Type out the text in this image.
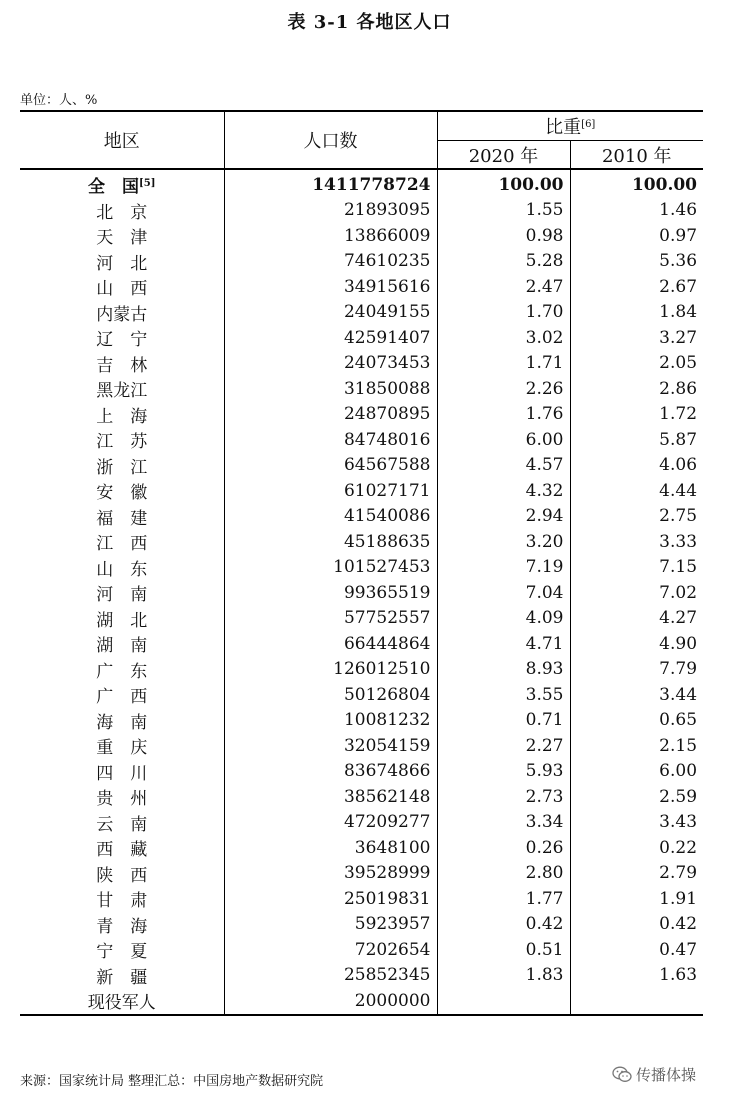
表 3-1 各地区人口
单位：人、%
地区	人口数	比重[6]
		2020 年	2010 年
全　国[5]	1411778724	100.00	100.00
北　京	21893095	1.55	1.46
天　津	13866009	0.98	0.97
河　北	74610235	5.28	5.36
山　西	34915616	2.47	2.67
内蒙古	24049155	1.70	1.84
辽　宁	42591407	3.02	3.27
吉　林	24073453	1.71	2.05
黑龙江	31850088	2.26	2.86
上　海	24870895	1.76	1.72
江　苏	84748016	6.00	5.87
浙　江	64567588	4.57	4.06
安　徽	61027171	4.32	4.44
福　建	41540086	2.94	2.75
江　西	45188635	3.20	3.33
山　东	101527453	7.19	7.15
河　南	99365519	7.04	7.02
湖　北	57752557	4.09	4.27
湖　南	66444864	4.71	4.90
广　东	126012510	8.93	7.79
广　西	50126804	3.55	3.44
海　南	10081232	0.71	0.65
重　庆	32054159	2.27	2.15
四　川	83674866	5.93	6.00
贵　州	38562148	2.73	2.59
云　南	47209277	3.34	3.43
西　藏	3648100	0.26	0.22
陕　西	39528999	2.80	2.79
甘　肃	25019831	1.77	1.91
青　海	5923957	0.42	0.42
宁　夏	7202654	0.51	0.47
新　疆	25852345	1.83	1.63
现役军人	2000000		
来源：国家统计局 整理汇总：中国房地产数据研究院	传播体操
